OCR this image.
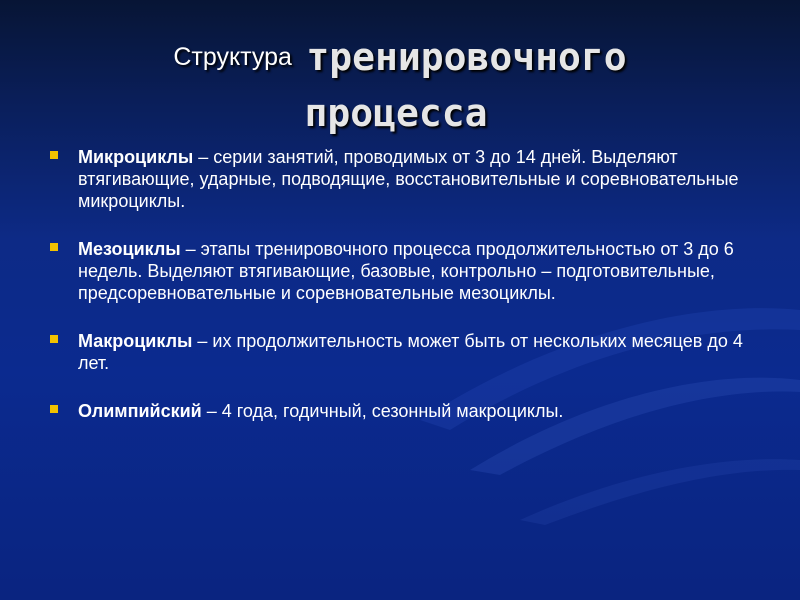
Структура тренировочного
процесса
Микроциклы – серии занятий, проводимых от 3 до 14 дней. Выделяют втягивающие, ударные, подводящие, восстановительные и соревновательные микроциклы.
Мезоциклы – этапы тренировочного процесса продолжительностью от 3 до 6 недель. Выделяют втягивающие, базовые, контрольно – подготовительные, предсоревновательные и соревновательные мезоциклы.
Макроциклы – их продолжительность может быть от нескольких месяцев до 4 лет.
Олимпийский – 4 года, годичный, сезонный макроциклы.
